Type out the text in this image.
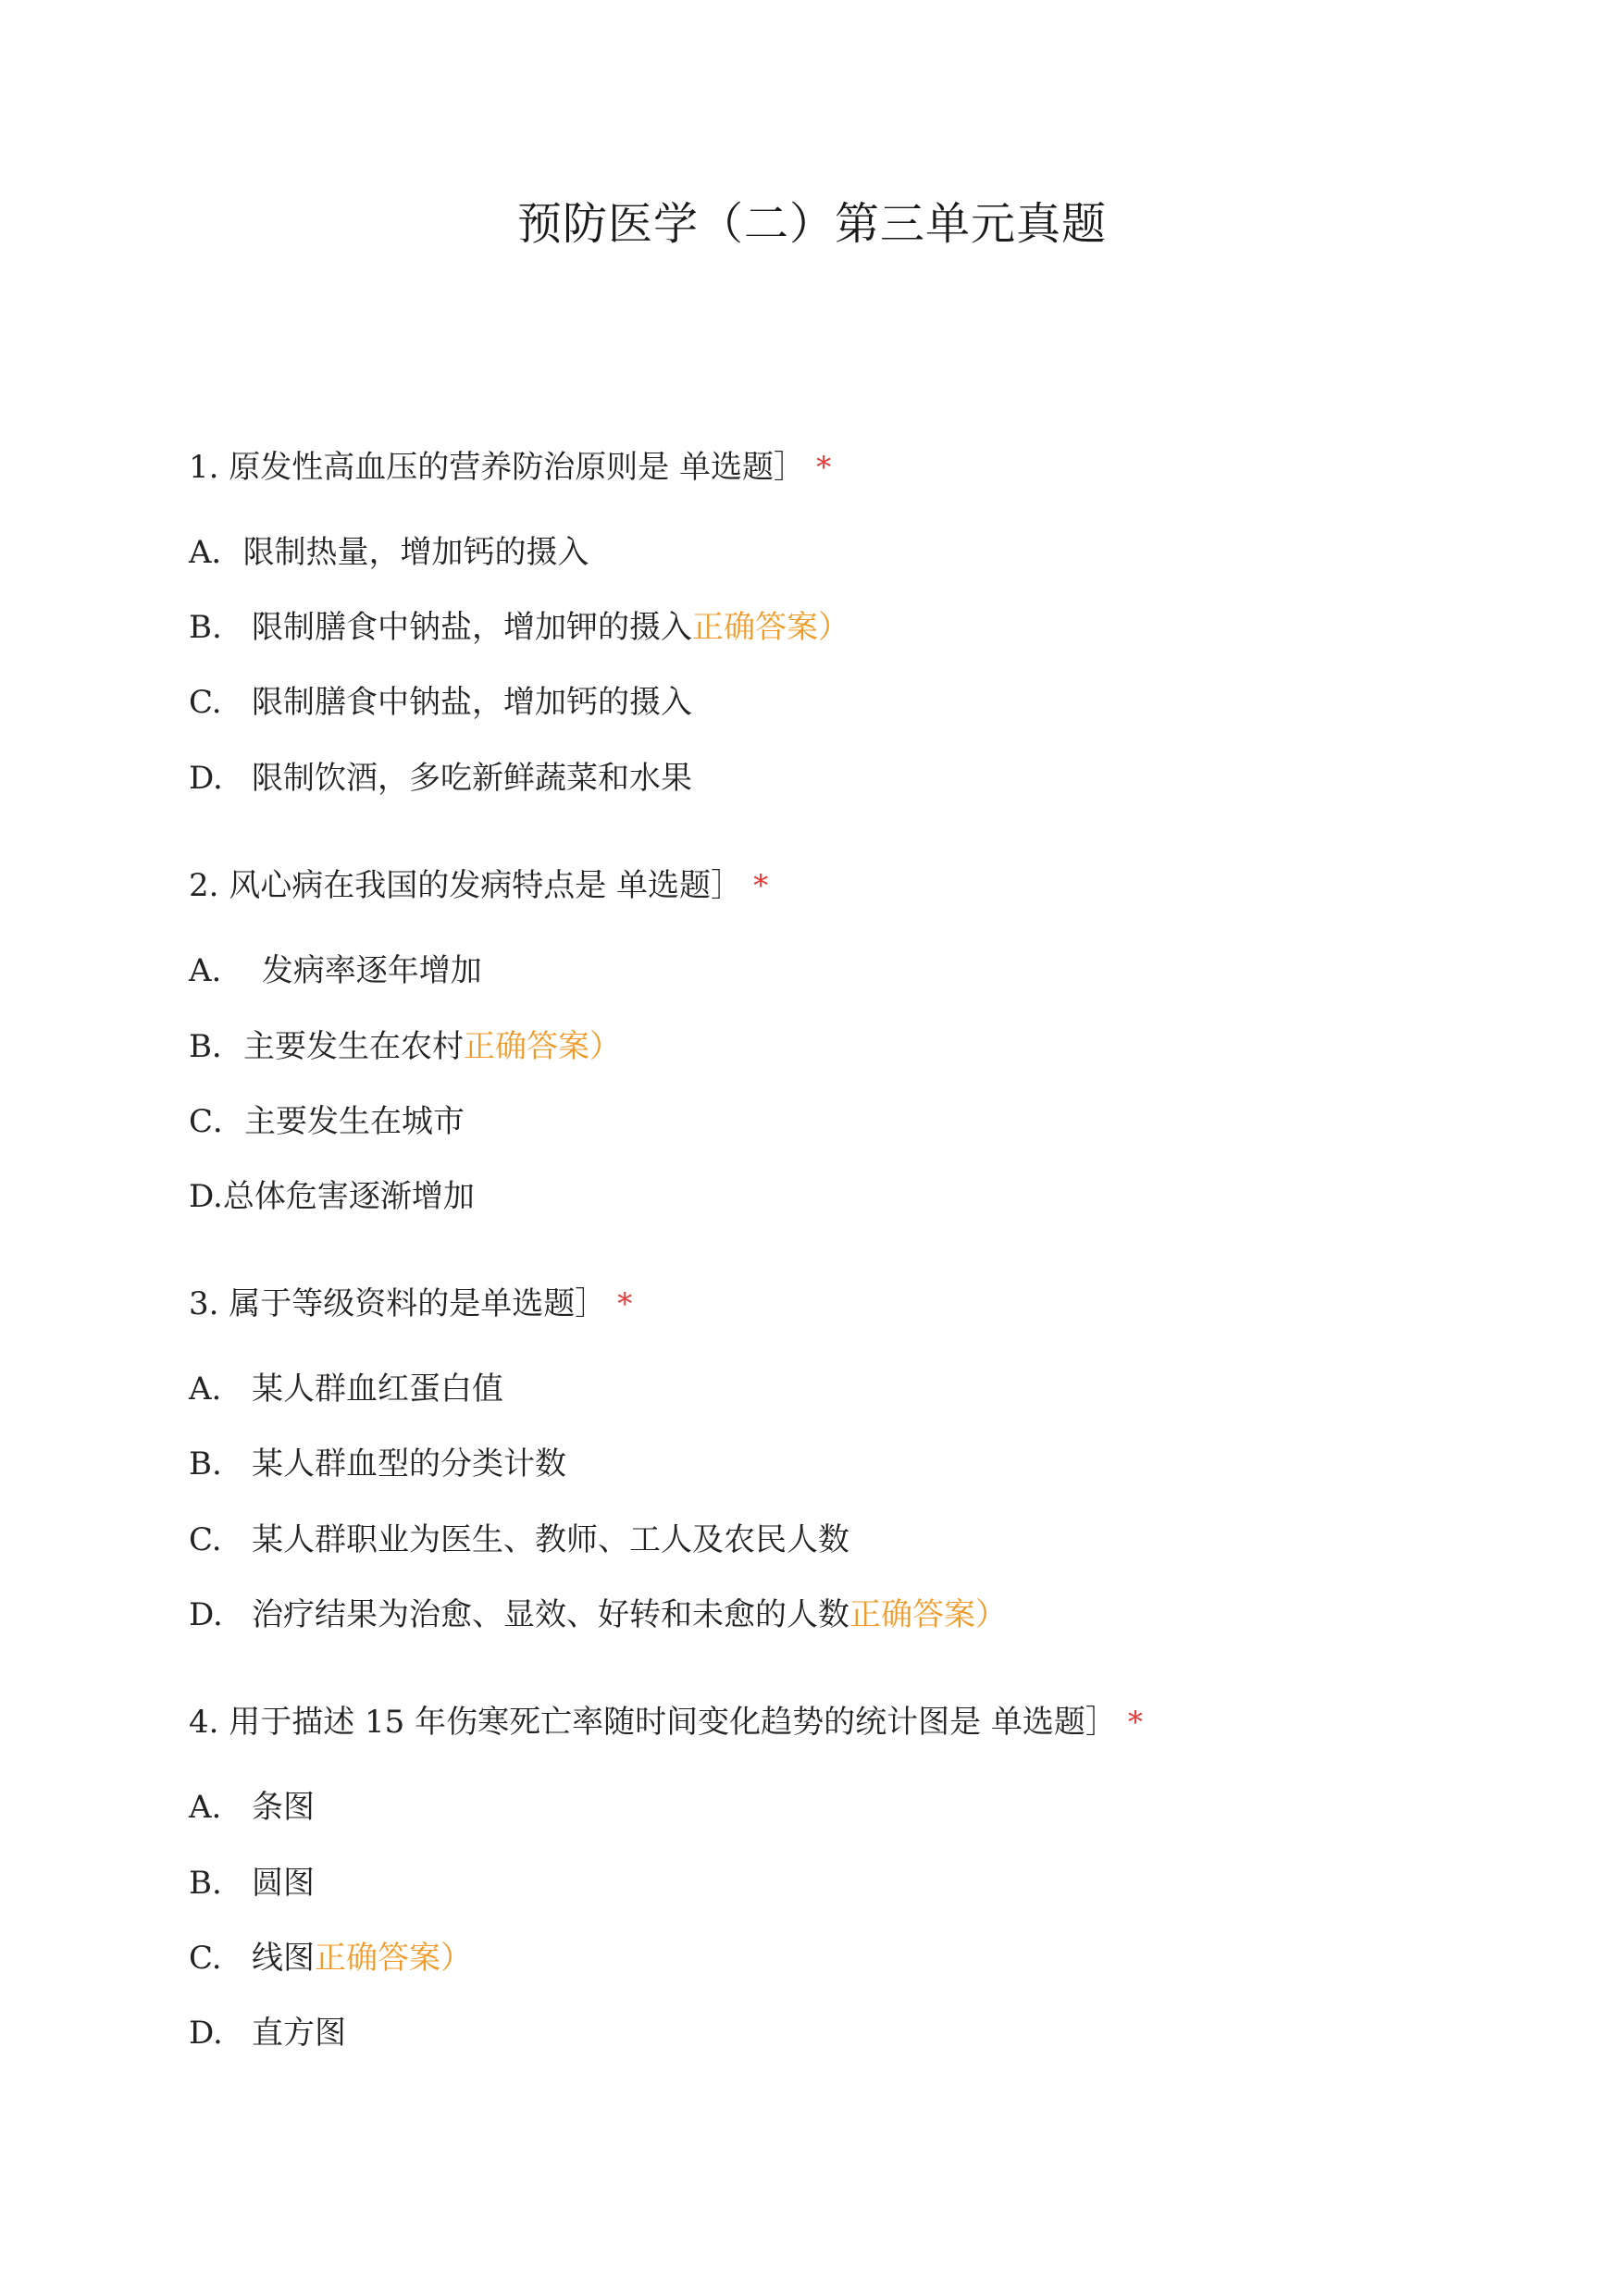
预防医学（二）第三单元真题
1. 原发性高血压的营养防治原则是 单选题］ *
A．限制热量，增加钙的摄入
B. 限制膳食中钠盐，增加钾的摄入正确答案）
C. 限制膳食中钠盐，增加钙的摄入
D. 限制饮酒，多吃新鲜蔬菜和水果
2. 风心病在我国的发病特点是 单选题］ *
A. 发病率逐年增加
B．主要发生在农村正确答案）
C．主要发生在城市
D.总体危害逐渐增加
3. 属于等级资料的是单选题］ *
A. 某人群血红蛋白值
B. 某人群血型的分类计数
C. 某人群职业为医生、教师、工人及农民人数
D. 治疗结果为治愈、显效、好转和未愈的人数正确答案）
4. 用于描述 15 年伤寒死亡率随时间变化趋势的统计图是 单选题］ *
A. 条图
B. 圆图
C. 线图正确答案）
D. 直方图
